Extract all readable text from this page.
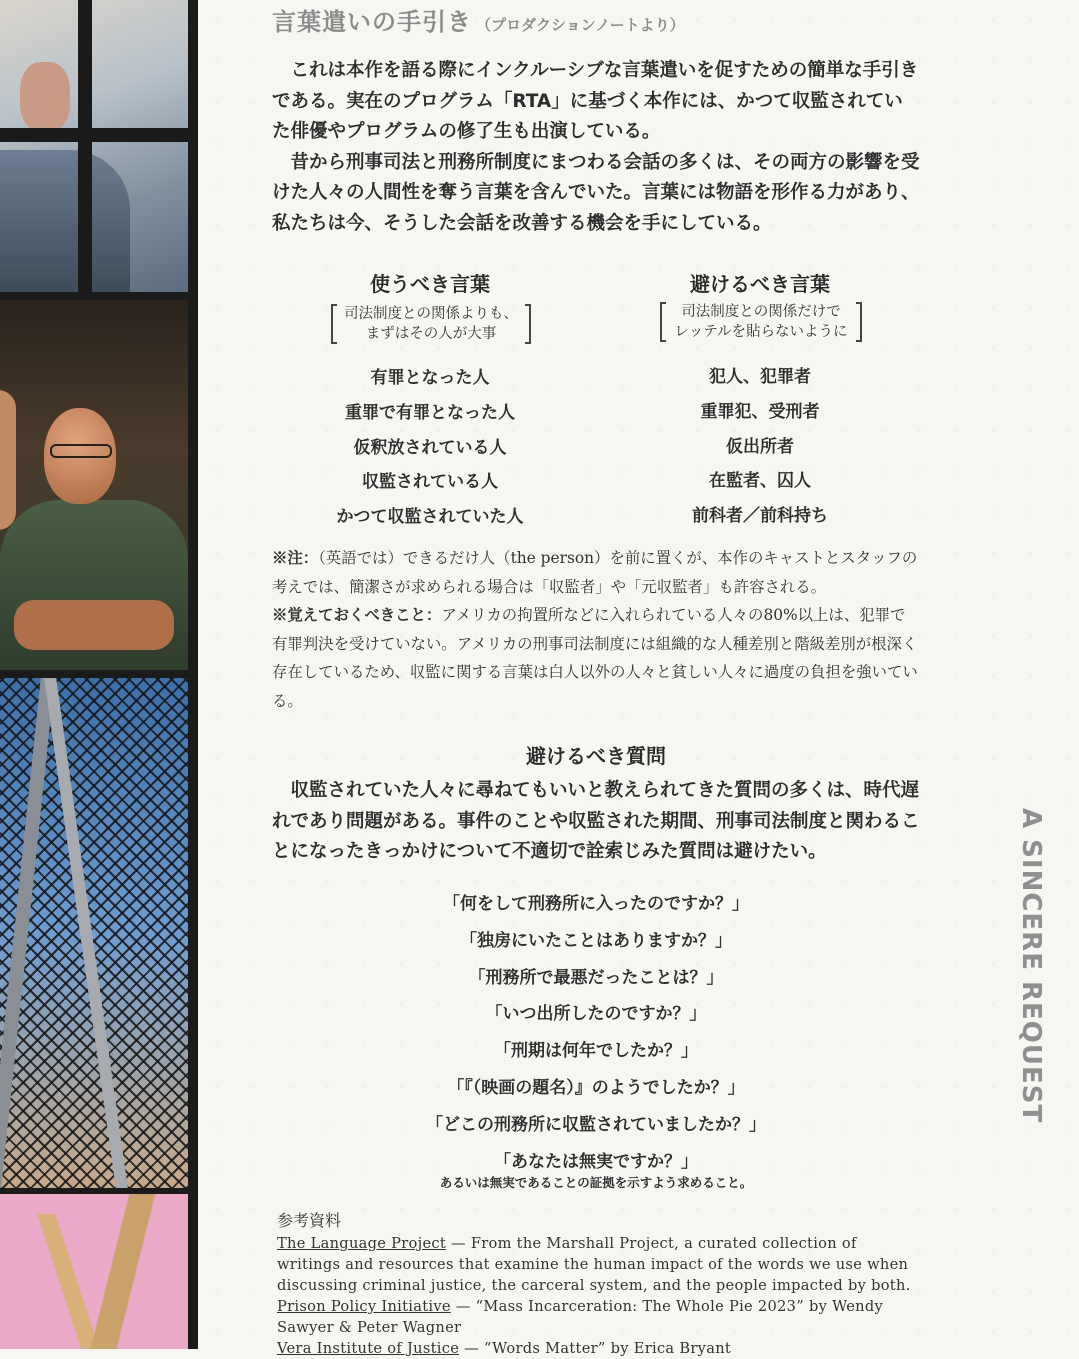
言葉遣いの手引き （プロダクションノートより）

これは本作を語る際にインクルーシブな言葉遣いを促すための簡単な手引きである。実在のプログラム「RTA」に基づく本作には、かつて収監されていた俳優やプログラムの修了生も出演している。

昔から刑事司法と刑務所制度にまつわる会話の多くは、その両方の影響を受けた人々の人間性を奪う言葉を含んでいた。言葉には物語を形作る力があり、私たちは今、そうした会話を改善する機会を手にしている。

使うべき言葉
司法制度との関係よりも、
まずはその人が大事
有罪となった人
重罪で有罪となった人
仮釈放されている人
収監されている人
かつて収監されていた人
避けるべき言葉
司法制度との関係だけで
レッテルを貼らないように
犯人、犯罪者
重罪犯、受刑者
仮出所者
在監者、囚人
前科者／前科持ち

※注：（英語では）できるだけ人（the person）を前に置くが、本作のキャストとスタッフの考えでは、簡潔さが求められる場合は「収監者」や「元収監者」も許容される。

※覚えておくべきこと：アメリカの拘置所などに入れられている人々の80%以上は、犯罪で有罪判決を受けていない。アメリカの刑事司法制度には組織的な人種差別と階級差別が根深く存在しているため、収監に関する言葉は白人以外の人々と貧しい人々に過度の負担を強いている。

避けるべき質問

収監されていた人々に尋ねてもいいと教えられてきた質問の多くは、時代遅れであり問題がある。事件のことや収監された期間、刑事司法制度と関わることになったきっかけについて不適切で詮索じみた質問は避けたい。

「何をして刑務所に入ったのですか？」
「独房にいたことはありますか？」
「刑務所で最悪だったことは？」
「いつ出所したのですか？」
「刑期は何年でしたか？」
「『（映画の題名）』のようでしたか？」
「どこの刑務所に収監されていましたか？」
「あなたは無実ですか？」
あるいは無実であることの証拠を示すよう求めること。
参考資料

The Language Project — From the Marshall Project, a curated collection of writings and resources that examine the human impact of the words we use when discussing criminal justice, the carceral system, and the people impacted by both.

Prison Policy Initiative — “Mass Incarceration: The Whole Pie 2023” by Wendy Sawyer & Peter Wagner

Vera Institute of Justice — “Words Matter” by Erica Bryant

A SINCERE REQUEST
